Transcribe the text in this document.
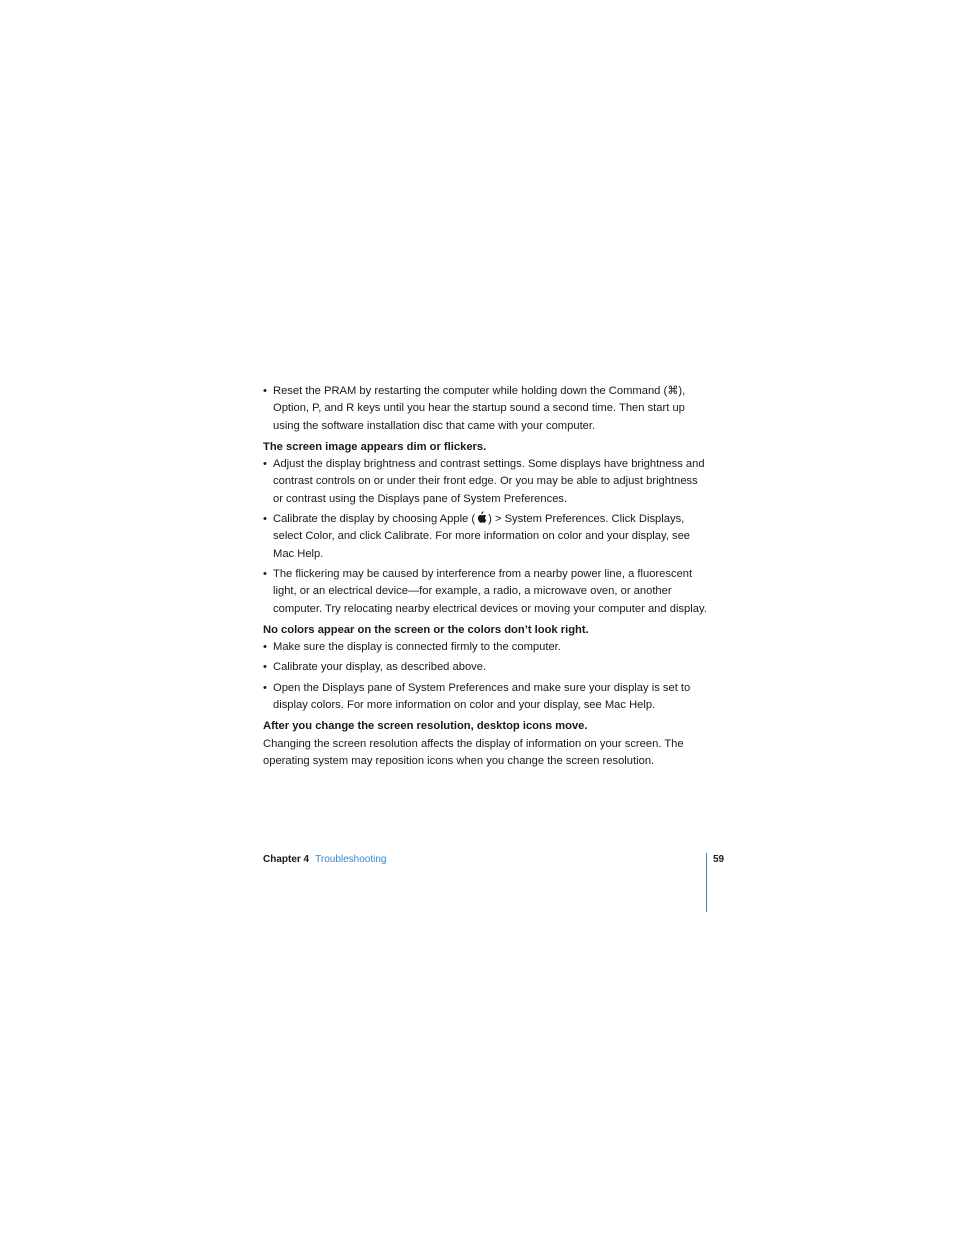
• Reset the PRAM by restarting the computer while holding down the Command (⌘), Option, P, and R keys until you hear the startup sound a second time. Then start up using the software installation disc that came with your computer.
The screen image appears dim or flickers.
• Adjust the display brightness and contrast settings. Some displays have brightness and contrast controls on or under their front edge. Or you may be able to adjust brightness or contrast using the Displays pane of System Preferences.
• Calibrate the display by choosing Apple ( ) > System Preferences. Click Displays, select Color, and click Calibrate. For more information on color and your display, see Mac Help.
• The flickering may be caused by interference from a nearby power line, a fluorescent light, or an electrical device—for example, a radio, a microwave oven, or another computer. Try relocating nearby electrical devices or moving your computer and display.
No colors appear on the screen or the colors don’t look right.
• Make sure the display is connected firmly to the computer.
• Calibrate your display, as described above.
• Open the Displays pane of System Preferences and make sure your display is set to display colors. For more information on color and your display, see Mac Help.
After you change the screen resolution, desktop icons move.

Changing the screen resolution affects the display of information on your screen. The operating system may reposition icons when you change the screen resolution.

Chapter 4 Troubleshooting	59
